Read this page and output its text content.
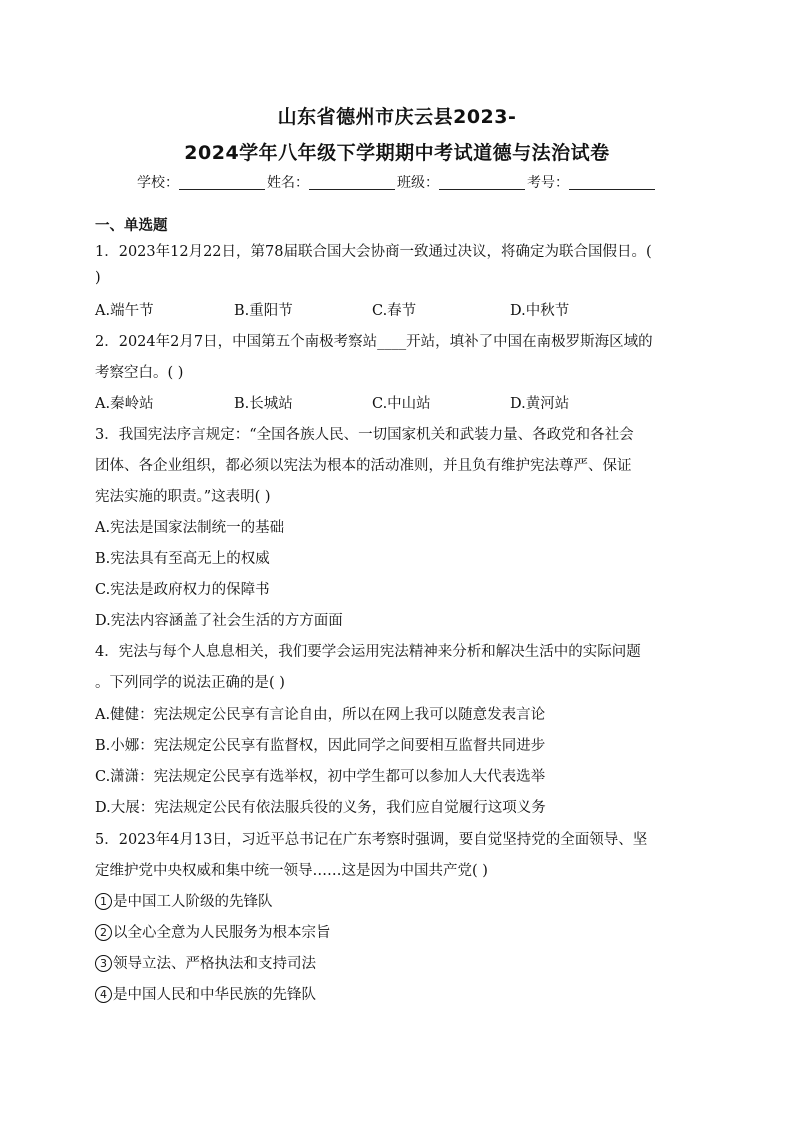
山东省德州市庆云县2023-
2024学年八年级下学期期中考试道德与法治试卷
学校：	姓名：	班级：	考号：
一、单选题
1．2023年12月22日，第78届联合国大会协商一致通过决议，将确定为联合国假日。(
)
A.端午节	B.重阳节	C.春节	D.中秋节
2．2024年2月7日，中国第五个南极考察站____开站，填补了中国在南极罗斯海区域的
考察空白。( )
A.秦岭站	B.长城站	C.中山站	D.黄河站
3．我国宪法序言规定：“全国各族人民、一切国家机关和武装力量、各政党和各社会
团体、各企业组织，都必须以宪法为根本的活动准则，并且负有维护宪法尊严、保证
宪法实施的职责。”这表明( )
A.宪法是国家法制统一的基础
B.宪法具有至高无上的权威
C.宪法是政府权力的保障书
D.宪法内容涵盖了社会生活的方方面面
4．宪法与每个人息息相关，我们要学会运用宪法精神来分析和解决生活中的实际问题
。下列同学的说法正确的是( )
A.健健：宪法规定公民享有言论自由，所以在网上我可以随意发表言论
B.小娜：宪法规定公民享有监督权，因此同学之间要相互监督共同进步
C.潇潇：宪法规定公民享有选举权，初中学生都可以参加人大代表选举
D.大展：宪法规定公民有依法服兵役的义务，我们应自觉履行这项义务
5．2023年4月13日，习近平总书记在广东考察时强调，要自觉坚持党的全面领导、坚
定维护党中央权威和集中统一领导……这是因为中国共产党( )
1 是中国工人阶级的先锋队
2 以全心全意为人民服务为根本宗旨
3 领导立法、严格执法和支持司法
4 是中国人民和中华民族的先锋队
